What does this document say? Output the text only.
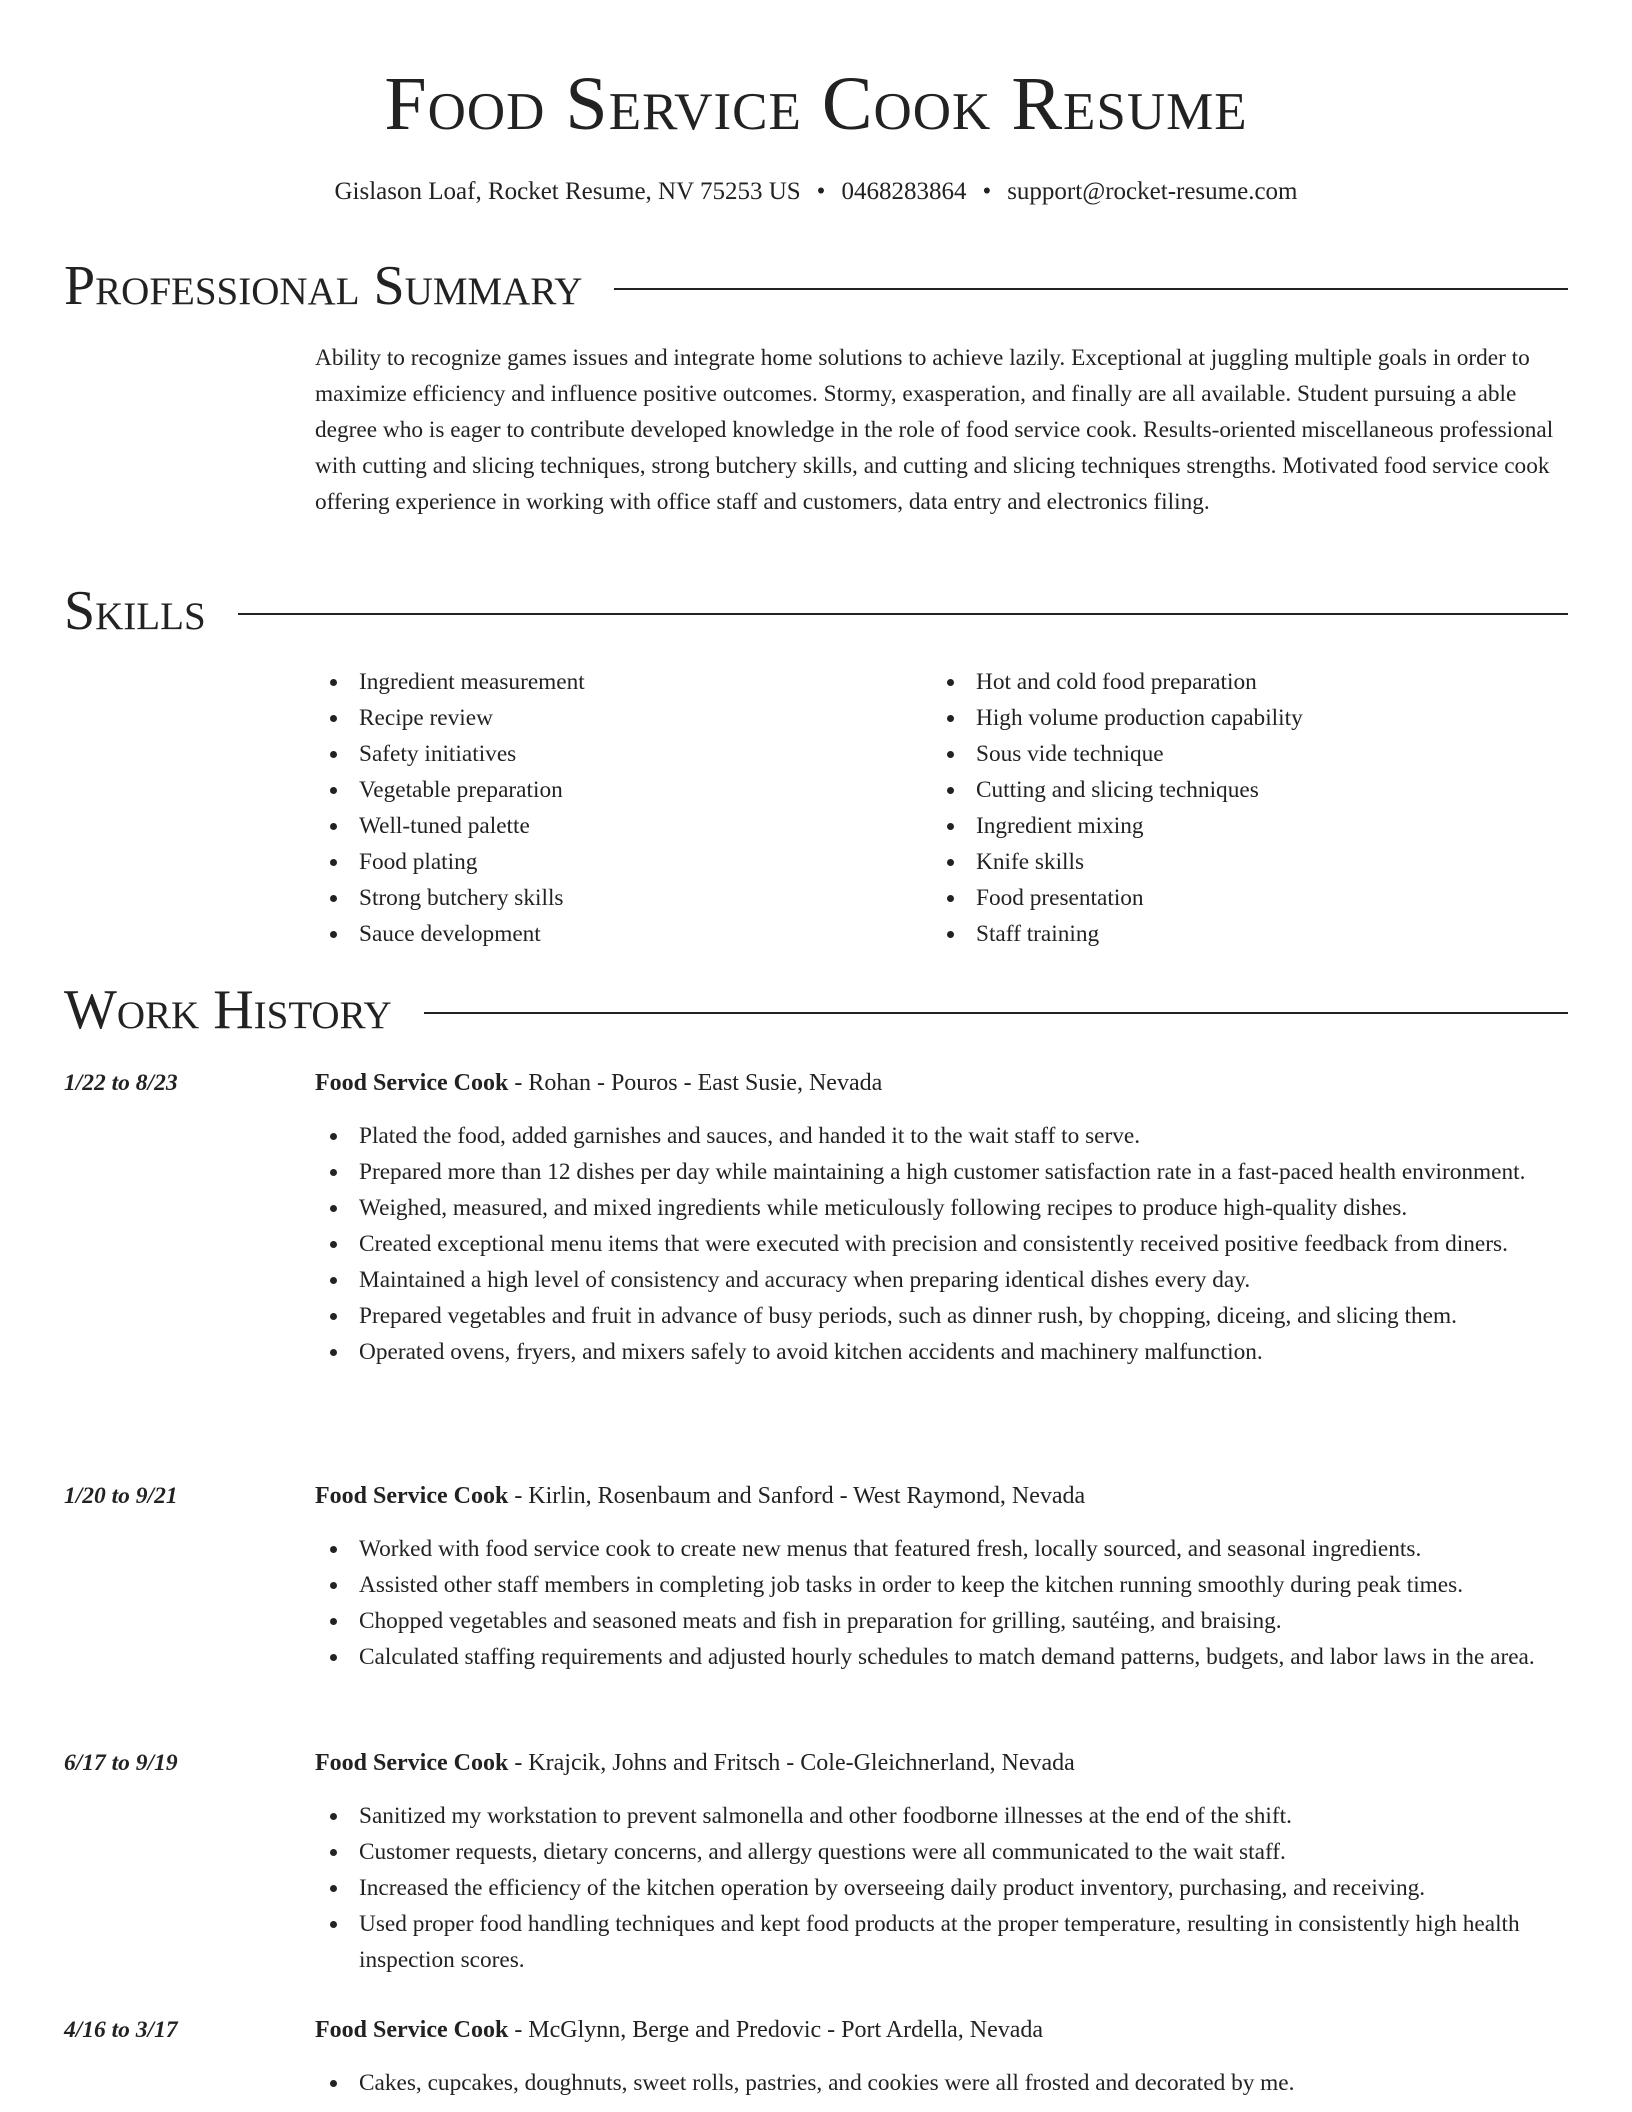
Food Service Cook Resume
Gislason Loaf, Rocket Resume, NV 75253 US • 0468283864 • support@rocket-resume.com
Professional Summary

Ability to recognize games issues and integrate home solutions to achieve lazily. Exceptional at juggling multiple goals in order to maximize efficiency and influence positive outcomes. Stormy, exasperation, and finally are all available. Student pursuing a able degree who is eager to contribute developed knowledge in the role of food service cook. Results-oriented miscellaneous professional with cutting and slicing techniques, strong butchery skills, and cutting and slicing techniques strengths. Motivated food service cook offering experience in working with office staff and customers, data entry and electronics filing.

Skills
Ingredient measurement
Recipe review
Safety initiatives
Vegetable preparation
Well-tuned palette
Food plating
Strong butchery skills
Sauce development
Hot and cold food preparation
High volume production capability
Sous vide technique
Cutting and slicing techniques
Ingredient mixing
Knife skills
Food presentation
Staff training
Work History
1/22 to 8/23	Food Service Cook - Rohan - Pouros - East Susie, Nevada
Plated the food, added garnishes and sauces, and handed it to the wait staff to serve.
Prepared more than 12 dishes per day while maintaining a high customer satisfaction rate in a fast-paced health environment.
Weighed, measured, and mixed ingredients while meticulously following recipes to produce high-quality dishes.
Created exceptional menu items that were executed with precision and consistently received positive feedback from diners.
Maintained a high level of consistency and accuracy when preparing identical dishes every day.
Prepared vegetables and fruit in advance of busy periods, such as dinner rush, by chopping, diceing, and slicing them.
Operated ovens, fryers, and mixers safely to avoid kitchen accidents and machinery malfunction.
1/20 to 9/21	Food Service Cook - Kirlin, Rosenbaum and Sanford - West Raymond, Nevada
Worked with food service cook to create new menus that featured fresh, locally sourced, and seasonal ingredients.
Assisted other staff members in completing job tasks in order to keep the kitchen running smoothly during peak times.
Chopped vegetables and seasoned meats and fish in preparation for grilling, sautéing, and braising.
Calculated staffing requirements and adjusted hourly schedules to match demand patterns, budgets, and labor laws in the area.
6/17 to 9/19	Food Service Cook - Krajcik, Johns and Fritsch - Cole-Gleichnerland, Nevada
Sanitized my workstation to prevent salmonella and other foodborne illnesses at the end of the shift.
Customer requests, dietary concerns, and allergy questions were all communicated to the wait staff.
Increased the efficiency of the kitchen operation by overseeing daily product inventory, purchasing, and receiving.
Used proper food handling techniques and kept food products at the proper temperature, resulting in consistently high health inspection scores.
4/16 to 3/17	Food Service Cook - McGlynn, Berge and Predovic - Port Ardella, Nevada
Cakes, cupcakes, doughnuts, sweet rolls, pastries, and cookies were all frosted and decorated by me.
